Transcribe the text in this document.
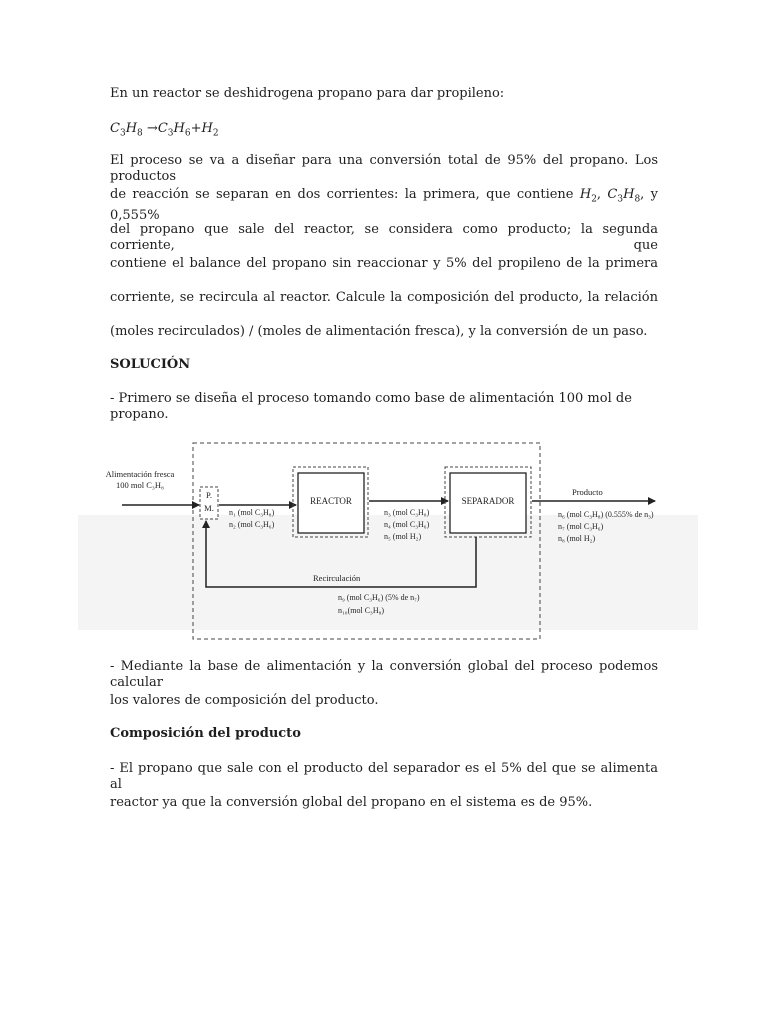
En un reactor se deshidrogena propano para dar propileno:

$C_3H_8 \to C_3H_6+H_2$

El proceso se va a diseñar para una conversión total de 95% del propano. Los productos

de reacción se separan en dos corrientes: la primera, que contiene $H_2$, $C_3H_8$, y 0,555%

del propano que sale del reactor, se considera como producto; la segunda corriente, que

contiene el balance del propano sin reaccionar y 5% del propileno de la primera

corriente, se recircula al reactor. Calcule la composición del producto, la relación

(moles recirculados) / (moles de alimentación fresca), y la conversión de un paso.

SOLUCIÓN

- Primero se diseña el proceso tomando como base de alimentación 100 mol de propano.

Alimentación fresca
100 mol C₃H₈
P.
M. n₁ (mol C₃H₈)
n₂ (mol C₃H₆)
REACTOR
n₃ (mol C₃H₈)
n₄ (mol C₃H₆)
n₅ (mol H₂)
SEPARADOR
Producto
n₆ (mol C₃H₈) (0.555% de n₃)
n₇ (mol C₃H₆)
n₈ (mol H₂)
Recirculación
n₉ (mol C₃H₆) (5% de n₇)
n₁₀(mol C₃H₈)

- Mediante la base de alimentación y la conversión global del proceso podemos calcular

los valores de composición del producto.

Composición del producto

- El propano que sale con el producto del separador es el 5% del que se alimenta al

reactor ya que la conversión global del propano en el sistema es de 95%.
